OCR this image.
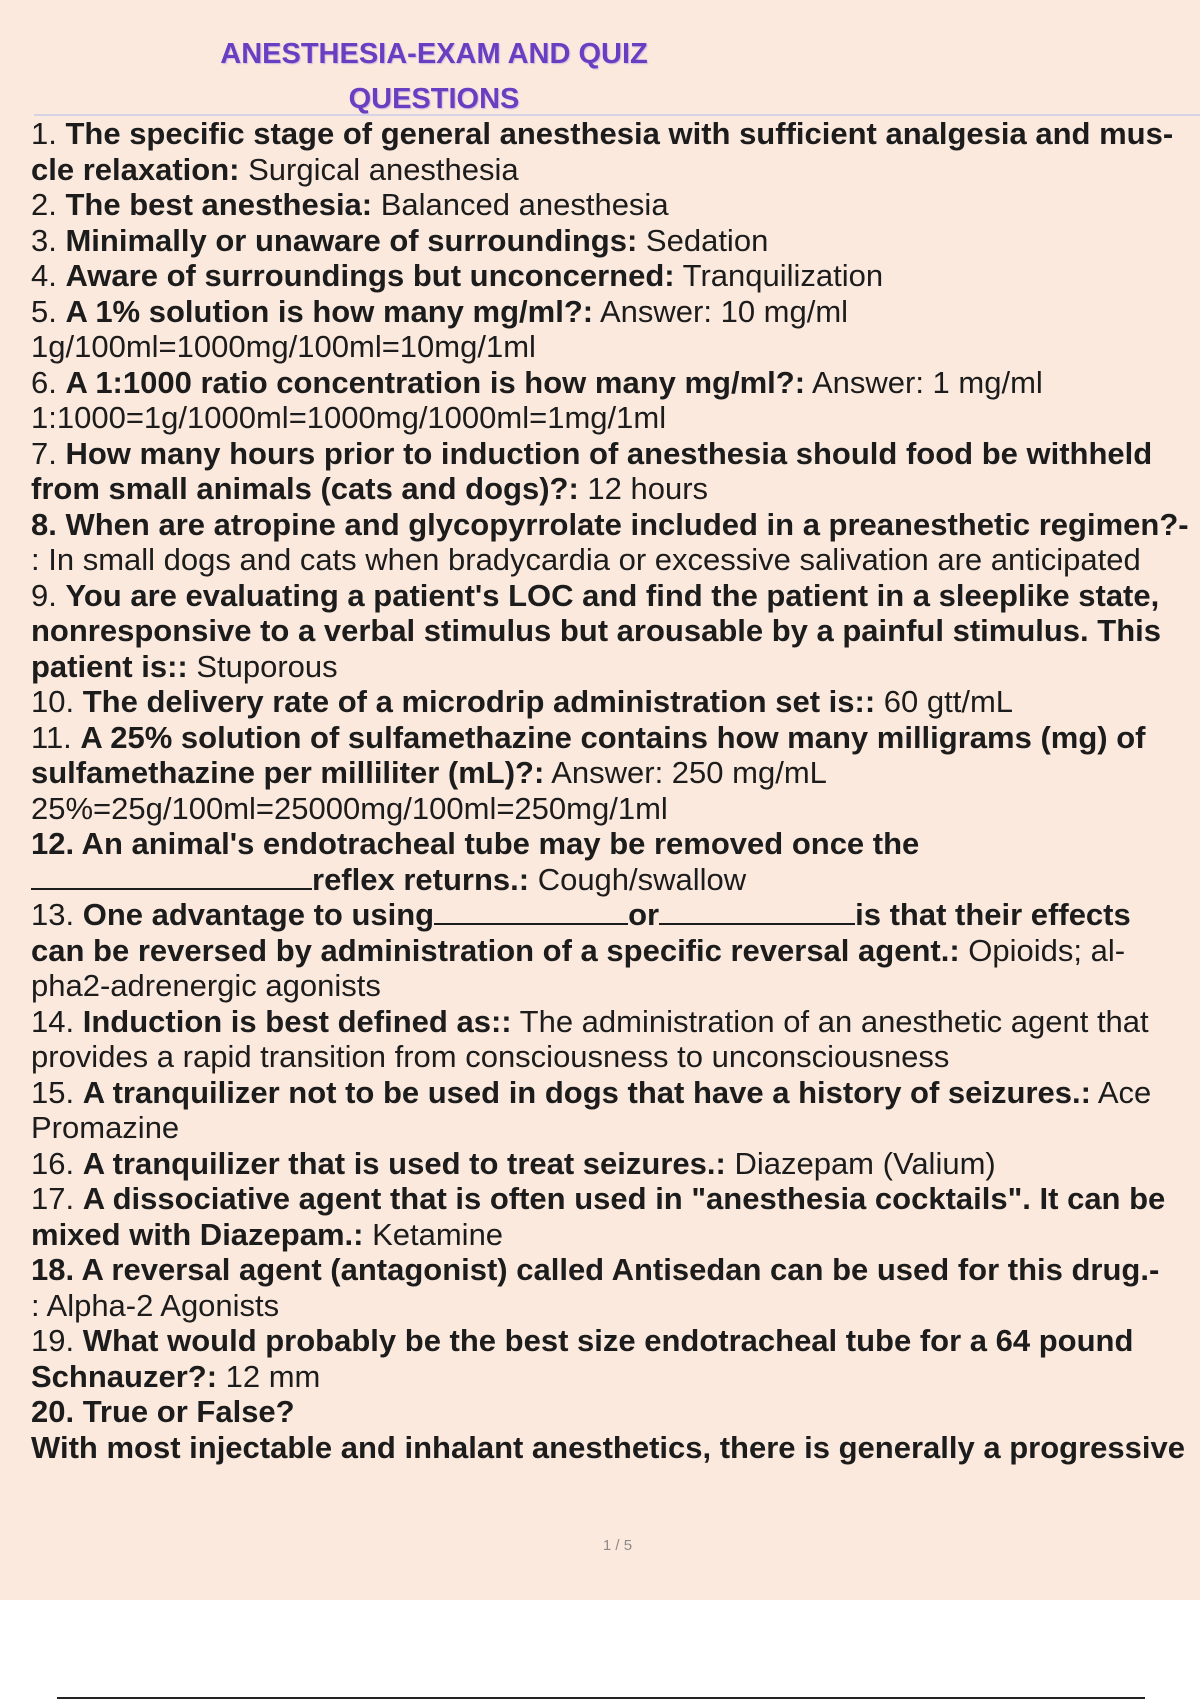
ANESTHESIA-EXAM AND QUIZ
QUESTIONS
1. The specific stage of general anesthesia with sufficient analgesia and mus-
cle relaxation: Surgical anesthesia
2. The best anesthesia: Balanced anesthesia
3. Minimally or unaware of surroundings: Sedation
4. Aware of surroundings but unconcerned: Tranquilization
5. A 1% solution is how many mg/ml?: Answer: 10 mg/ml
1g/100ml=1000mg/100ml=10mg/1ml
6. A 1:1000 ratio concentration is how many mg/ml?: Answer: 1 mg/ml
1:1000=1g/1000ml=1000mg/1000ml=1mg/1ml
7. How many hours prior to induction of anesthesia should food be withheld
from small animals (cats and dogs)?: 12 hours
8. When are atropine and glycopyrrolate included in a preanesthetic regimen?-
: In small dogs and cats when bradycardia or excessive salivation are anticipated
9. You are evaluating a patient's LOC and find the patient in a sleeplike state,
nonresponsive to a verbal stimulus but arousable by a painful stimulus. This
patient is:: Stuporous
10. The delivery rate of a microdrip administration set is:: 60 gtt/mL
11. A 25% solution of sulfamethazine contains how many milligrams (mg) of
sulfamethazine per milliliter (mL)?: Answer: 250 mg/mL
25%=25g/100ml=25000mg/100ml=250mg/1ml
12. An animal's endotracheal tube may be removed once the
reflex returns.: Cough/swallow
13. One advantage to using	or	is that their effects
can be reversed by administration of a specific reversal agent.: Opioids; al-
pha2-adrenergic agonists
14. Induction is best defined as:: The administration of an anesthetic agent that
provides a rapid transition from consciousness to unconsciousness
15. A tranquilizer not to be used in dogs that have a history of seizures.: Ace
Promazine
16. A tranquilizer that is used to treat seizures.: Diazepam (Valium)
17. A dissociative agent that is often used in "anesthesia cocktails". It can be
mixed with Diazepam.: Ketamine
18. A reversal agent (antagonist) called Antisedan can be used for this drug.-
: Alpha-2 Agonists
19. What would probably be the best size endotracheal tube for a 64 pound
Schnauzer?: 12 mm
20. True or False?
With most injectable and inhalant anesthetics, there is generally a progressive
1 / 5
